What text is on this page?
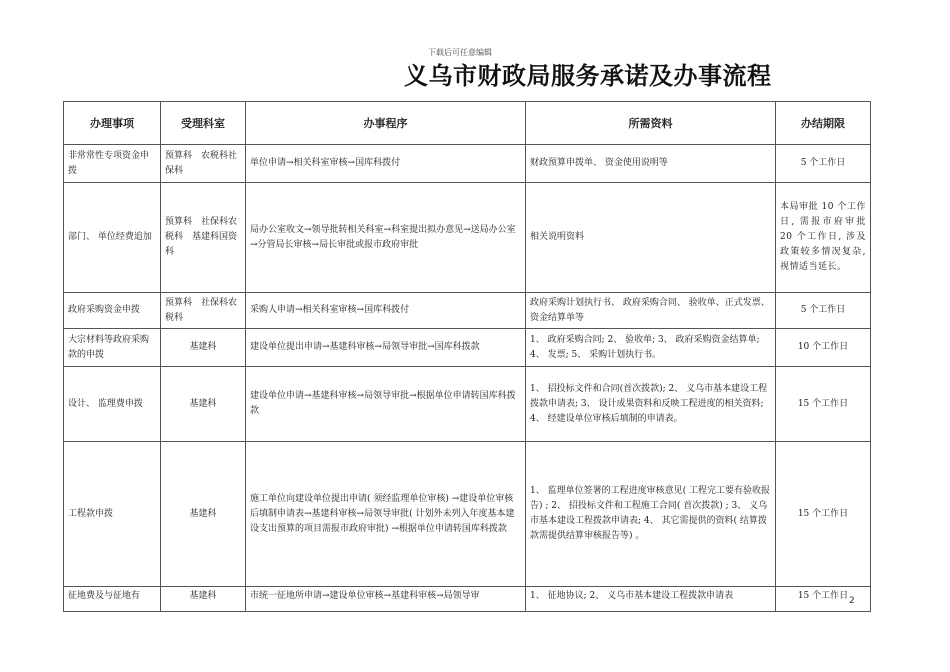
下载后可任意编辑
义乌市财政局服务承诺及办事流程
办理事项	受理科室	办事程序	所需资料	办结期限
非常常性专项资金申拨	预算科　农税科社保科	单位申请→相关科室审核→国库科拨付	财政预算申拨单、 资金使用说明等	5 个工作日
部门、 单位经费追加	预算科　社保科农税科　基建科国资科	局办公室收文→领导批转相关科室→科室提出拟办意见→送局办公室→分管局长审核→局长审批或报市政府审批	相关说明资料	本局审批 10 个工作日, 需报市府审批 20 个工作日, 涉及政策较多情况复杂, 视情适当延长。
政府采购资金申拨	预算科　社保科农税科	采购人申请→相关科室审核→国库科拨付	政府采购计划执行书、 政府采购合同、 验收单、正式发票、 资金结算单等	5 个工作日
大宗材料等政府采购款的申拨	基建科	建设单位提出申请→基建科审核→局领导审批→国库科拨款	1、 政府采购合同; 2、 验收单; 3、 政府采购资金结算单; 4、 发票; 5、 采购计划执行书。	10 个工作日
设计、 监理费申拨	基建科	建设单位申请→基建科审核→局领导审批→根据单位申请转国库科拨款	1、 招投标文件和合同(首次拨款); 2、 义乌市基本建设工程拨款申请表; 3、 设计成果资料和反映工程进度的相关资料; 4、 经建设单位审核后填制的申请表。	15 个工作日
工程款申拨	基建科	施工单位向建设单位提出申请( 须经监理单位审核) →建设单位审核后填制申请表→基建科审核→局领导审批( 计划外未列入年度基本建设支出预算的项目需报市政府审批) →根据单位申请转国库科拨款	1、 监理单位签署的工程进度审核意见( 工程完工要有验收报告) ; 2、 招投标文件和工程施工合同( 首次拨款) ; 3、 义乌市基本建设工程拨款申请表; 4、 其它需提供的资料( 结算拨款需提供结算审核报告等) 。	15 个工作日
征地费及与征地有	基建科	市统一征地所申请→建设单位审核→基建科审核→局领导审	1、 征地协议; 2、 义乌市基本建设工程拨款申请表	15 个工作日 2
